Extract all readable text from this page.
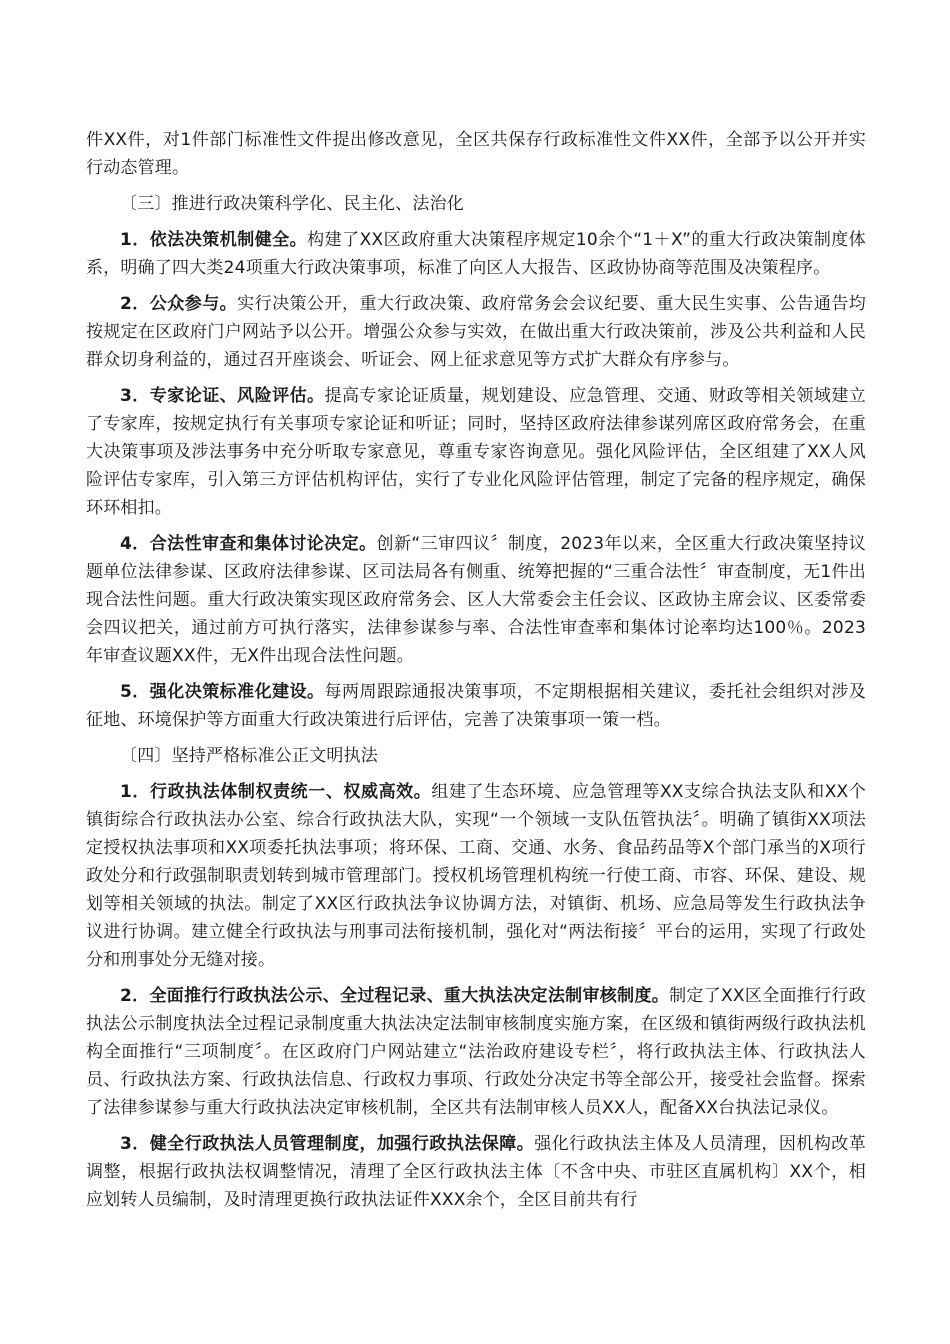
件XX件，对1件部门标准性文件提出修改意见，全区共保存行政标准性文件XX件，全部予以公开并实行动态管理。

〔三〕推进行政决策科学化、民主化、法治化

1．依法决策机制健全。构建了XX区政府重大决策程序规定10余个“1＋X”的重大行政决策制度体系，明确了四大类24项重大行政决策事项，标准了向区人大报告、区政协协商等范围及决策程序。

2．公众参与。实行决策公开，重大行政决策、政府常务会会议纪要、重大民生实事、公告通告均按规定在区政府门户网站予以公开。增强公众参与实效，在做出重大行政决策前，涉及公共利益和人民群众切身利益的，通过召开座谈会、听证会、网上征求意见等方式扩大群众有序参与。

3．专家论证、风险评估。提高专家论证质量，规划建设、应急管理、交通、财政等相关领域建立了专家库，按规定执行有关事项专家论证和听证；同时，坚持区政府法律参谋列席区政府常务会，在重大决策事项及涉法事务中充分听取专家意见，尊重专家咨询意见。强化风险评估，全区组建了XX人风险评估专家库，引入第三方评估机构评估，实行了专业化风险评估管理，制定了完备的程序规定，确保环环相扣。

4．合法性审查和集体讨论决定。创新“三审四议〞制度，2023年以来，全区重大行政决策坚持议题单位法律参谋、区政府法律参谋、区司法局各有侧重、统筹把握的“三重合法性〞审查制度，无1件出现合法性问题。重大行政决策实现区政府常务会、区人大常委会主任会议、区政协主席会议、区委常委会四议把关，通过前方可执行落实，法律参谋参与率、合法性审查率和集体讨论率均达100％。2023年审查议题XX件，无X件出现合法性问题。

5．强化决策标准化建设。每两周跟踪通报决策事项，不定期根据相关建议，委托社会组织对涉及征地、环境保护等方面重大行政决策进行后评估，完善了决策事项一策一档。

〔四〕坚持严格标准公正文明执法

1．行政执法体制权责统一、权威高效。组建了生态环境、应急管理等XX支综合执法支队和XX个镇街综合行政执法办公室、综合行政执法大队，实现“一个领域一支队伍管执法〞。明确了镇街XX项法定授权执法事项和XX项委托执法事项；将环保、工商、交通、水务、食品药品等X个部门承当的X项行政处分和行政强制职责划转到城市管理部门。授权机场管理机构统一行使工商、市容、环保、建设、规划等相关领域的执法。制定了XX区行政执法争议协调方法，对镇街、机场、应急局等发生行政执法争议进行协调。建立健全行政执法与刑事司法衔接机制，强化对“两法衔接〞平台的运用，实现了行政处分和刑事处分无缝对接。

2．全面推行行政执法公示、全过程记录、重大执法决定法制审核制度。制定了XX区全面推行行政执法公示制度执法全过程记录制度重大执法决定法制审核制度实施方案，在区级和镇街两级行政执法机构全面推行“三项制度〞。在区政府门户网站建立“法治政府建设专栏〞，将行政执法主体、行政执法人员、行政执法方案、行政执法信息、行政权力事项、行政处分决定书等全部公开，接受社会监督。探索了法律参谋参与重大行政执法决定审核机制，全区共有法制审核人员XX人，配备XX台执法记录仪。

3．健全行政执法人员管理制度，加强行政执法保障。强化行政执法主体及人员清理，因机构改革调整，根据行政执法权调整情况，清理了全区行政执法主体〔不含中央、市驻区直属机构〕XX个，相应划转人员编制，及时清理更换行政执法证件XXX余个，全区目前共有行
